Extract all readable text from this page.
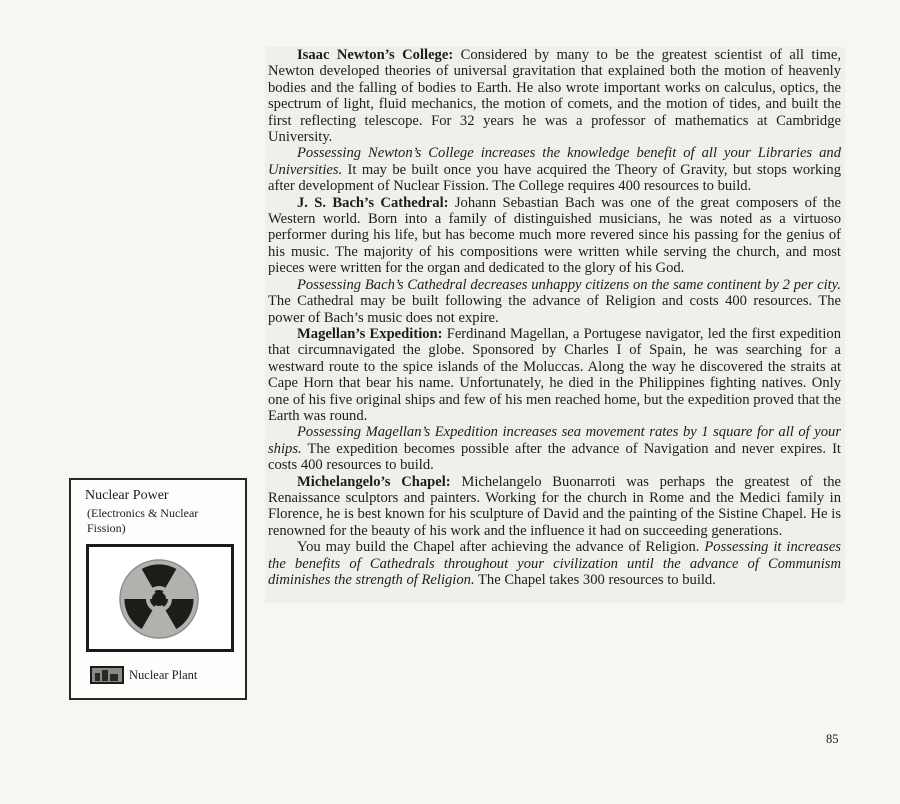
Isaac Newton’s College: Considered by many to be the greatest scientist of all time, Newton developed theories of universal gravitation that explained both the motion of heavenly bodies and the falling of bodies to Earth. He also wrote important works on calculus, optics, the spectrum of light, fluid mechanics, the motion of comets, and the motion of tides, and built the first reflecting telescope. For 32 years he was a professor of mathematics at Cambridge University.

Possessing Newton’s College increases the knowledge benefit of all your Libraries and Universities. It may be built once you have acquired the Theory of Gravity, but stops working after development of Nuclear Fission. The College requires 400 resources to build.

J. S. Bach’s Cathedral: Johann Sebastian Bach was one of the great composers of the Western world. Born into a family of distinguished musicians, he was noted as a virtuoso performer during his life, but has become much more revered since his passing for the genius of his music. The majority of his compositions were written while serving the church, and most pieces were written for the organ and dedicated to the glory of his God.

Possessing Bach’s Cathedral decreases unhappy citizens on the same continent by 2 per city. The Cathedral may be built following the advance of Religion and costs 400 resources. The power of Bach’s music does not expire.

Magellan’s Expedition: Ferdinand Magellan, a Portugese navigator, led the first expedition that circumnavigated the globe. Sponsored by Charles I of Spain, he was searching for a westward route to the spice islands of the Moluccas. Along the way he discovered the straits at Cape Horn that bear his name. Unfortunately, he died in the Philippines fighting natives. Only one of his five original ships and few of his men reached home, but the expedition proved that the Earth was round.

Possessing Magellan’s Expedition increases sea movement rates by 1 square for all of your ships. The expedition becomes possible after the advance of Navigation and never expires. It costs 400 resources to build.

Michelangelo’s Chapel: Michelangelo Buonarroti was perhaps the greatest of the Renaissance sculptors and painters. Working for the church in Rome and the Medici family in Florence, he is best known for his sculpture of David and the painting of the Sistine Chapel. He is renowned for the beauty of his work and the influence it had on succeeding generations.

You may build the Chapel after achieving the advance of Religion. Possessing it increases the benefits of Cathedrals throughout your civilization until the advance of Communism diminishes the strength of Religion. The Chapel takes 300 resources to build.

Nuclear Power
(Electronics & Nuclear Fission)
Nuclear Plant
85
